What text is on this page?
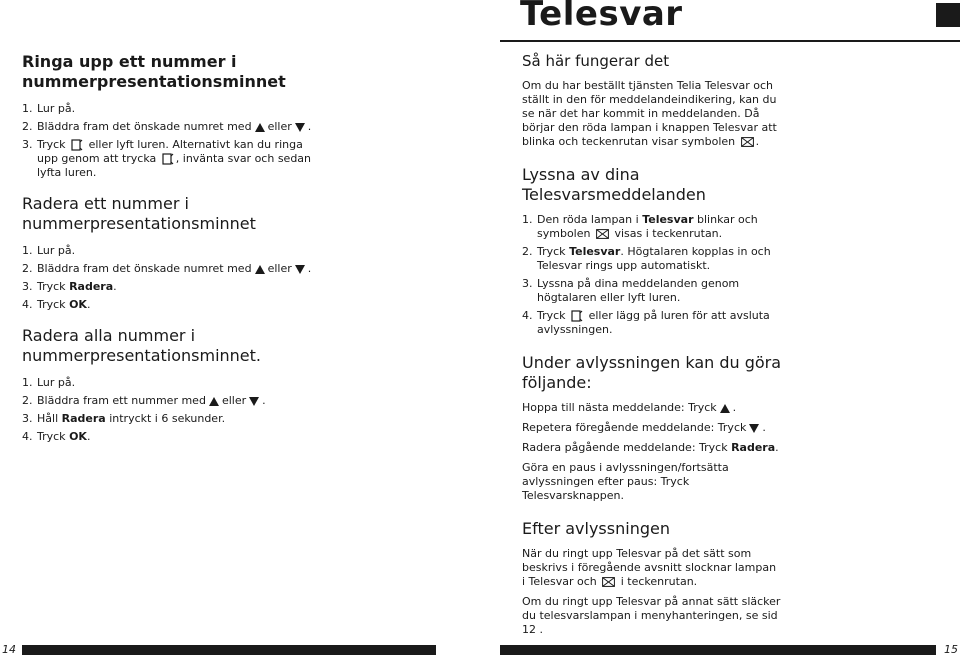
Telesvar
Ringa upp ett nummer i nummerpresentationsminnet
1. Lur på.
2. Bläddra fram det önskade numret med eller .
3. Tryck eller lyft luren. Alternativt kan du ringa upp genom att trycka , invänta svar och sedan lyfta luren.
Radera ett nummer i nummerpresentationsminnet
1. Lur på.
2. Bläddra fram det önskade numret med eller .
3. Tryck Radera.
4. Tryck OK.
Radera alla nummer i nummerpresentationsminnet.
1. Lur på.
2. Bläddra fram ett nummer med eller .
3. Håll Radera intryckt i 6 sekunder.
4. Tryck OK.
Så här fungerar det

Om du har beställt tjänsten Telia Telesvar och ställt in den för meddelandeindikering, kan du se när det har kommit in meddelanden. Då börjar den röda lampan i knappen Telesvar att blinka och teckenrutan visar symbolen .

Lyssna av dina Telesvarsmeddelanden
1. Den röda lampan i Telesvar blinkar och symbolen visas i teckenrutan.
2. Tryck Telesvar. Högtalaren kopplas in och Telesvar rings upp automatiskt.
3. Lyssna på dina meddelanden genom högtalaren eller lyft luren.
4. Tryck eller lägg på luren för att avsluta avlyssningen.
Under avlyssningen kan du göra följande:

Hoppa till nästa meddelande: Tryck .

Repetera föregående meddelande: Tryck .

Radera pågående meddelande: Tryck Radera.

Göra en paus i avlyssningen/fortsätta avlyssningen efter paus: Tryck Telesvarsknappen.

Efter avlyssningen

När du ringt upp Telesvar på det sätt som beskrivs i föregående avsnitt slocknar lampan i Telesvar och i teckenrutan.

Om du ringt upp Telesvar på annat sätt släcker du telesvarslampan i menyhanteringen, se sid 12 .

14	15
